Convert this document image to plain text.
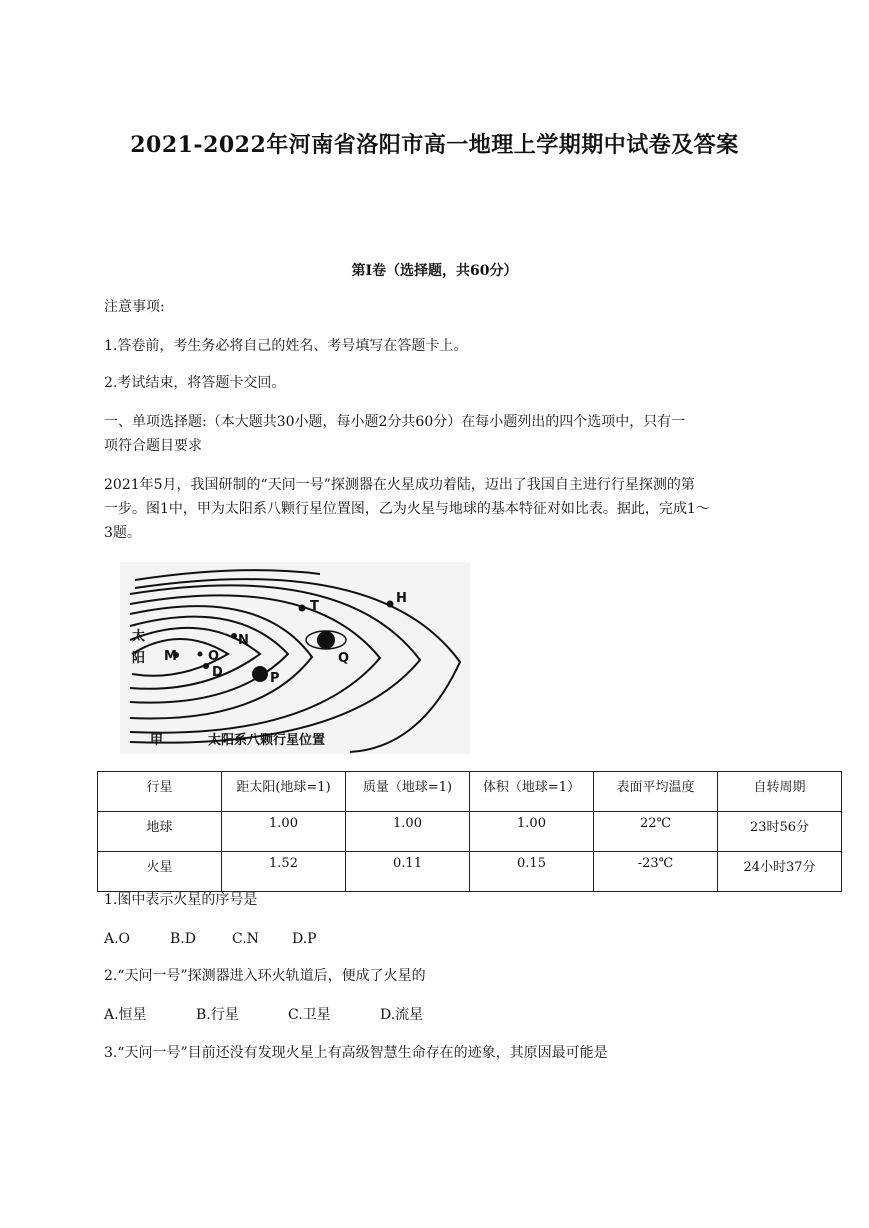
2021-2022年河南省洛阳市高一地理上学期期中试卷及答案
第Ⅰ卷（选择题，共60分）
注意事项:
1.答卷前，考生务必将自己的姓名、考号填写在答题卡上。
2.考试结束，将答题卡交回。
一、单项选择题:（本大题共30小题，每小题2分共60分）在每小题列出的四个选项中，只有一
项符合题目要求
2021年5月，我国研制的“天问一号”探测器在火星成功着陆，迈出了我国自主进行行星探测的第
一步。图1中，甲为太阳系八颗行星位置图，乙为火星与地球的基本特征对如比表。据此，完成1～
3题。
太
阳 M O
D
N
P
T
Q
H
甲	太阳系八颗行星位置
行星	距太阳(地球=1)	质量（地球=1)	体积（地球=1）	表面平均温度	自转周期
地球	1.00	1.00	1.00	22℃	23时56分
火星	1.52	0.11	0.15	-23℃	24小时37分
1.图中表示火星的序号是
A.O	B.D	C.N D.P
2.“天问一号”探测器进入环火轨道后，便成了火星的
A.恒星	B.行星	C.卫星	D.流星
3.“天问一号”目前还没有发现火星上有高级智慧生命存在的迹象，其原因最可能是
